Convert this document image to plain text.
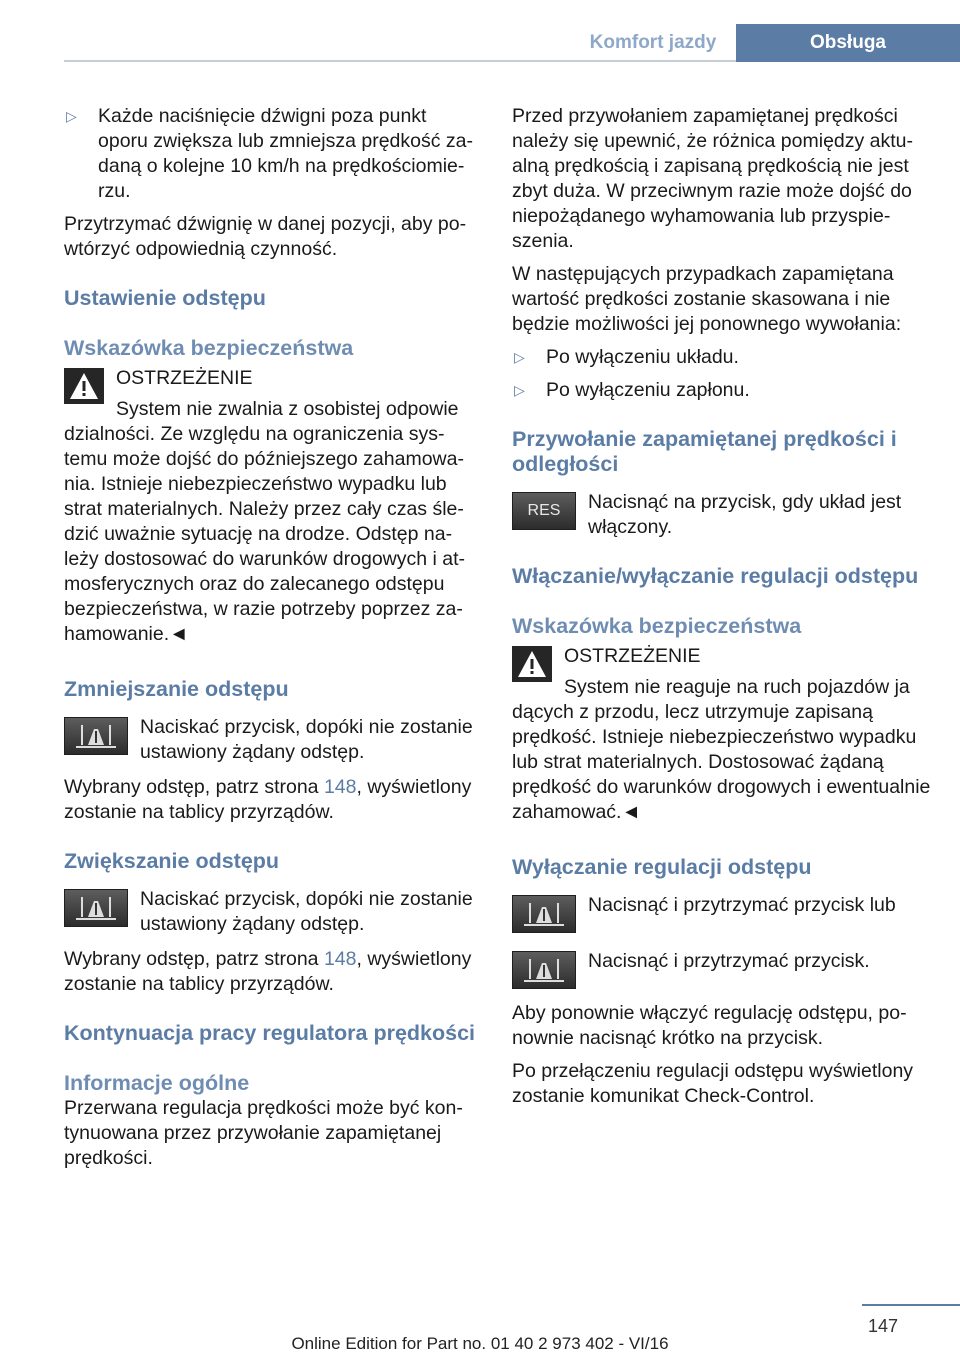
Komfort jazdy	Obsługa

▷ Każde naciśnięcie dźwigni poza punkt oporu zwiększa lub zmniejsza prędkość zadaną o kolejne 10 km/h na prędkościomierzu.

Przytrzymać dźwignię w danej pozycji, aby powtórzyć odpowiednią czynność.

Ustawienie odstępu
Wskazówka bezpieczeństwa

OSTRZEŻENIE

System nie zwalnia z osobistej odpowie

dzialności. Ze względu na ograniczenia systemu może dojść do późniejszego zahamowania. Istnieje niebezpieczeństwo wypadku lub strat materialnych. Należy przez cały czas śledzić uważnie sytuację na drodze. Odstęp należy dostosować do warunków drogowych i atmosferycznych oraz do zalecanego odstępu bezpieczeństwa, w razie potrzeby poprzez zahamowanie.◄

Zmniejszanie odstępu

Naciskać przycisk, dopóki nie zostanie ustawiony żądany odstęp.

Wybrany odstęp, patrz strona 148, wyświetlony zostanie na tablicy przyrządów.

Zwiększanie odstępu

Naciskać przycisk, dopóki nie zostanie ustawiony żądany odstęp.

Wybrany odstęp, patrz strona 148, wyświetlony zostanie na tablicy przyrządów.

Kontynuacja pracy regulatora prędkości
Informacje ogólne

Przerwana regulacja prędkości może być kontynuowana przez przywołanie zapamiętanej prędkości.

Przed przywołaniem zapamiętanej prędkości należy się upewnić, że różnica pomiędzy aktualną prędkością i zapisaną prędkością nie jest zbyt duża. W przeciwnym razie może dojść do niepożądanego wyhamowania lub przyspieszenia.

W następujących przypadkach zapamiętana wartość prędkości zostanie skasowana i nie będzie możliwości jej ponownego wywołania:

▷ Po wyłączeniu układu.

▷ Po wyłączeniu zapłonu.

Przywołanie zapamiętanej prędkości i odległości
RES	Nacisnąć na przycisk, gdy układ jest włączony.

Włączanie/wyłączanie regulacji odstępu
Wskazówka bezpieczeństwa

OSTRZEŻENIE

System nie reaguje na ruch pojazdów ja

dących z przodu, lecz utrzymuje zapisaną prędkość. Istnieje niebezpieczeństwo wypadku lub strat materialnych. Dostosować żądaną prędkość do warunków drogowych i ewentualnie zahamować.◄

Wyłączanie regulacji odstępu

Nacisnąć i przytrzymać przycisk lub

Nacisnąć i przytrzymać przycisk.

Aby ponownie włączyć regulację odstępu, ponownie nacisnąć krótko na przycisk.

Po przełączeniu regulacji odstępu wyświetlony zostanie komunikat Check-Control.

147
Online Edition for Part no. 01 40 2 973 402 - VI/16
